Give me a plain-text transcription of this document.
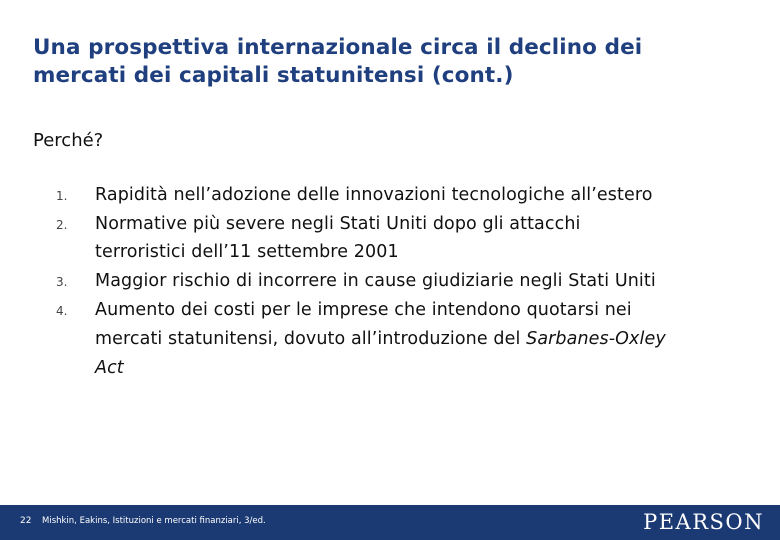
Una prospettiva internazionale circa il declino dei
mercati dei capitali statunitensi (cont.)
Perché?
1.	Rapidità nell’adozione delle innovazioni tecnologiche all’estero
2.	Normative più severe negli Stati Uniti dopo gli attacchi
terroristici dell’11 settembre 2001
3.	Maggior rischio di incorrere in cause giudiziarie negli Stati Uniti
4.	Aumento dei costi per le imprese che intendono quotarsi nei
mercati statunitensi, dovuto all’introduzione del Sarbanes-Oxley
Act
22 Mishkin, Eakins, Istituzioni e mercati finanziari, 3/ed.	PEARSON
